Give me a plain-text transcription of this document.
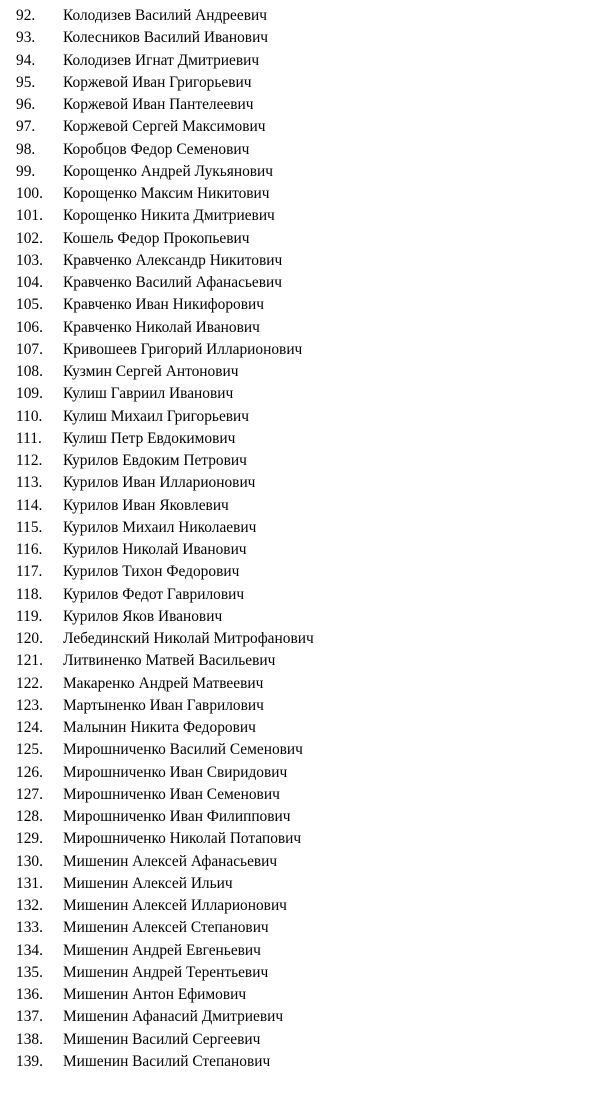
92. Колодизев Василий Андреевич
93. Колесников Василий Иванович
94. Колодизев Игнат Дмитриевич
95. Коржевой Иван Григорьевич
96. Коржевой Иван Пантелеевич
97. Коржевой Сергей Максимович
98. Коробцов Федор Семенович
99. Корощенко Андрей Лукьянович
100. Корощенко Максим Никитович
101. Корощенко Никита Дмитриевич
102. Кошель Федор Прокопьевич
103. Кравченко Александр Никитович
104. Кравченко Василий Афанасьевич
105. Кравченко Иван Никифорович
106. Кравченко Николай Иванович
107. Кривошеев Григорий Илларионович
108. Кузмин Сергей Антонович
109. Кулиш Гавриил Иванович
110. Кулиш Михаил Григорьевич
111. Кулиш Петр Евдокимович
112. Курилов Евдоким Петрович
113. Курилов Иван Илларионович
114. Курилов Иван Яковлевич
115. Курилов Михаил Николаевич
116. Курилов Николай Иванович
117. Курилов Тихон Федорович
118. Курилов Федот Гаврилович
119. Курилов Яков Иванович
120. Лебединский Николай Митрофанович
121. Литвиненко Матвей Васильевич
122. Макаренко Андрей Матвеевич
123. Мартыненко Иван Гаврилович
124. Малынин Никита Федорович
125. Мирошниченко Василий Семенович
126. Мирошниченко Иван Свиридович
127. Мирошниченко Иван Семенович
128. Мирошниченко Иван Филиппович
129. Мирошниченко Николай Потапович
130. Мишенин Алексей Афанасьевич
131. Мишенин Алексей Ильич
132. Мишенин Алексей Илларионович
133. Мишенин Алексей Степанович
134. Мишенин Андрей Евгеньевич
135. Мишенин Андрей Терентьевич
136. Мишенин Антон Ефимович
137. Мишенин Афанасий Дмитриевич
138. Мишенин Василий Сергеевич
139. Мишенин Василий Степанович
